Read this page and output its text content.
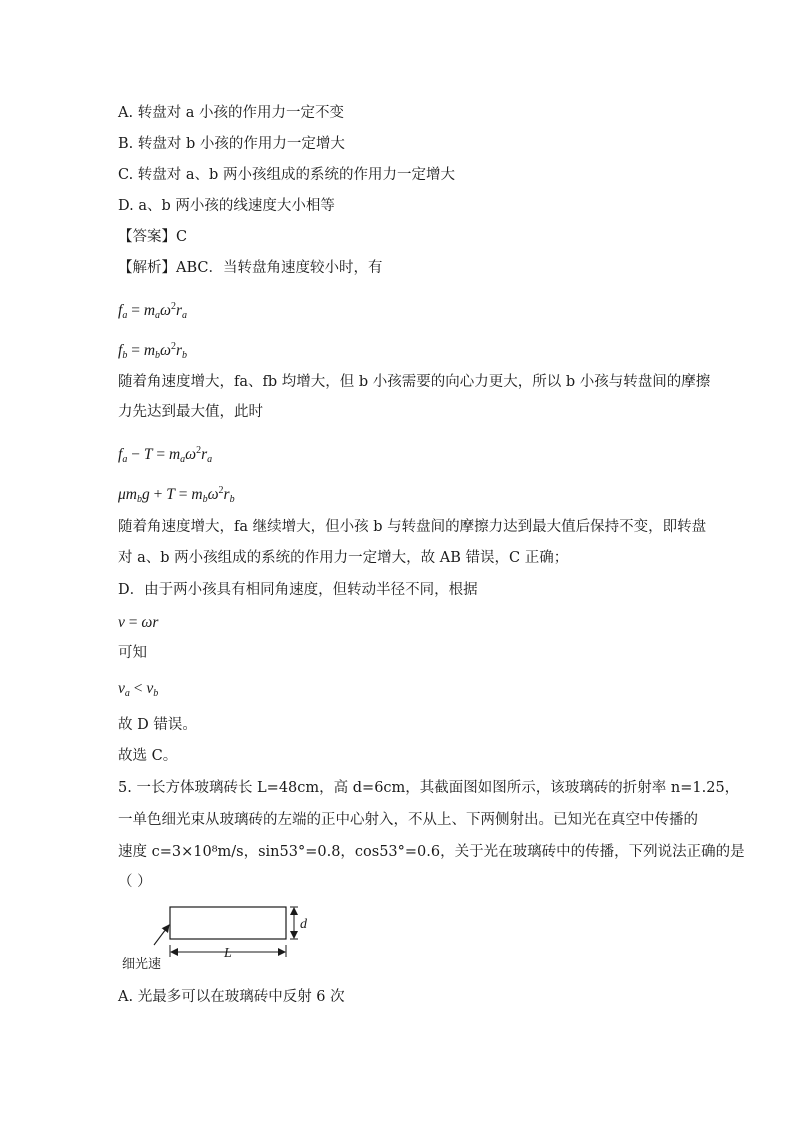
A. 转盘对 a 小孩的作用力一定不变
B. 转盘对 b 小孩的作用力一定增大
C. 转盘对 a、b 两小孩组成的系统的作用力一定增大
D. a、b 两小孩的线速度大小相等
【答案】C
【解析】ABC．当转盘角速度较小时，有
$f_a = m_a\omega^2r_a$
$f_b = m_b\omega^2r_b$
随着角速度增大，fa、fb 均增大，但 b 小孩需要的向心力更大，所以 b 小孩与转盘间的摩擦
力先达到最大值，此时
$f_a - T = m_a\omega^2r_a$
$\mu m_bg + T = m_b\omega^2r_b$
随着角速度增大，fa 继续增大，但小孩 b 与转盘间的摩擦力达到最大值后保持不变，即转盘
对 a、b 两小孩组成的系统的作用力一定增大，故 AB 错误，C 正确；
D．由于两小孩具有相同角速度，但转动半径不同，根据
v = ωr
可知
$v_a < v_b$
故 D 错误。
故选 C。
5. 一长方体玻璃砖长 L=48cm，高 d=6cm，其截面图如图所示，该玻璃砖的折射率 n=1.25，
一单色细光束从玻璃砖的左端的正中心射入，不从上、下两侧射出。已知光在真空中传播的
速度 c=3×10⁸m/s，sin53°=0.8，cos53°=0.6，关于光在玻璃砖中的传播，下列说法正确的是
（ ）
d
L
细光速
A. 光最多可以在玻璃砖中反射 6 次
